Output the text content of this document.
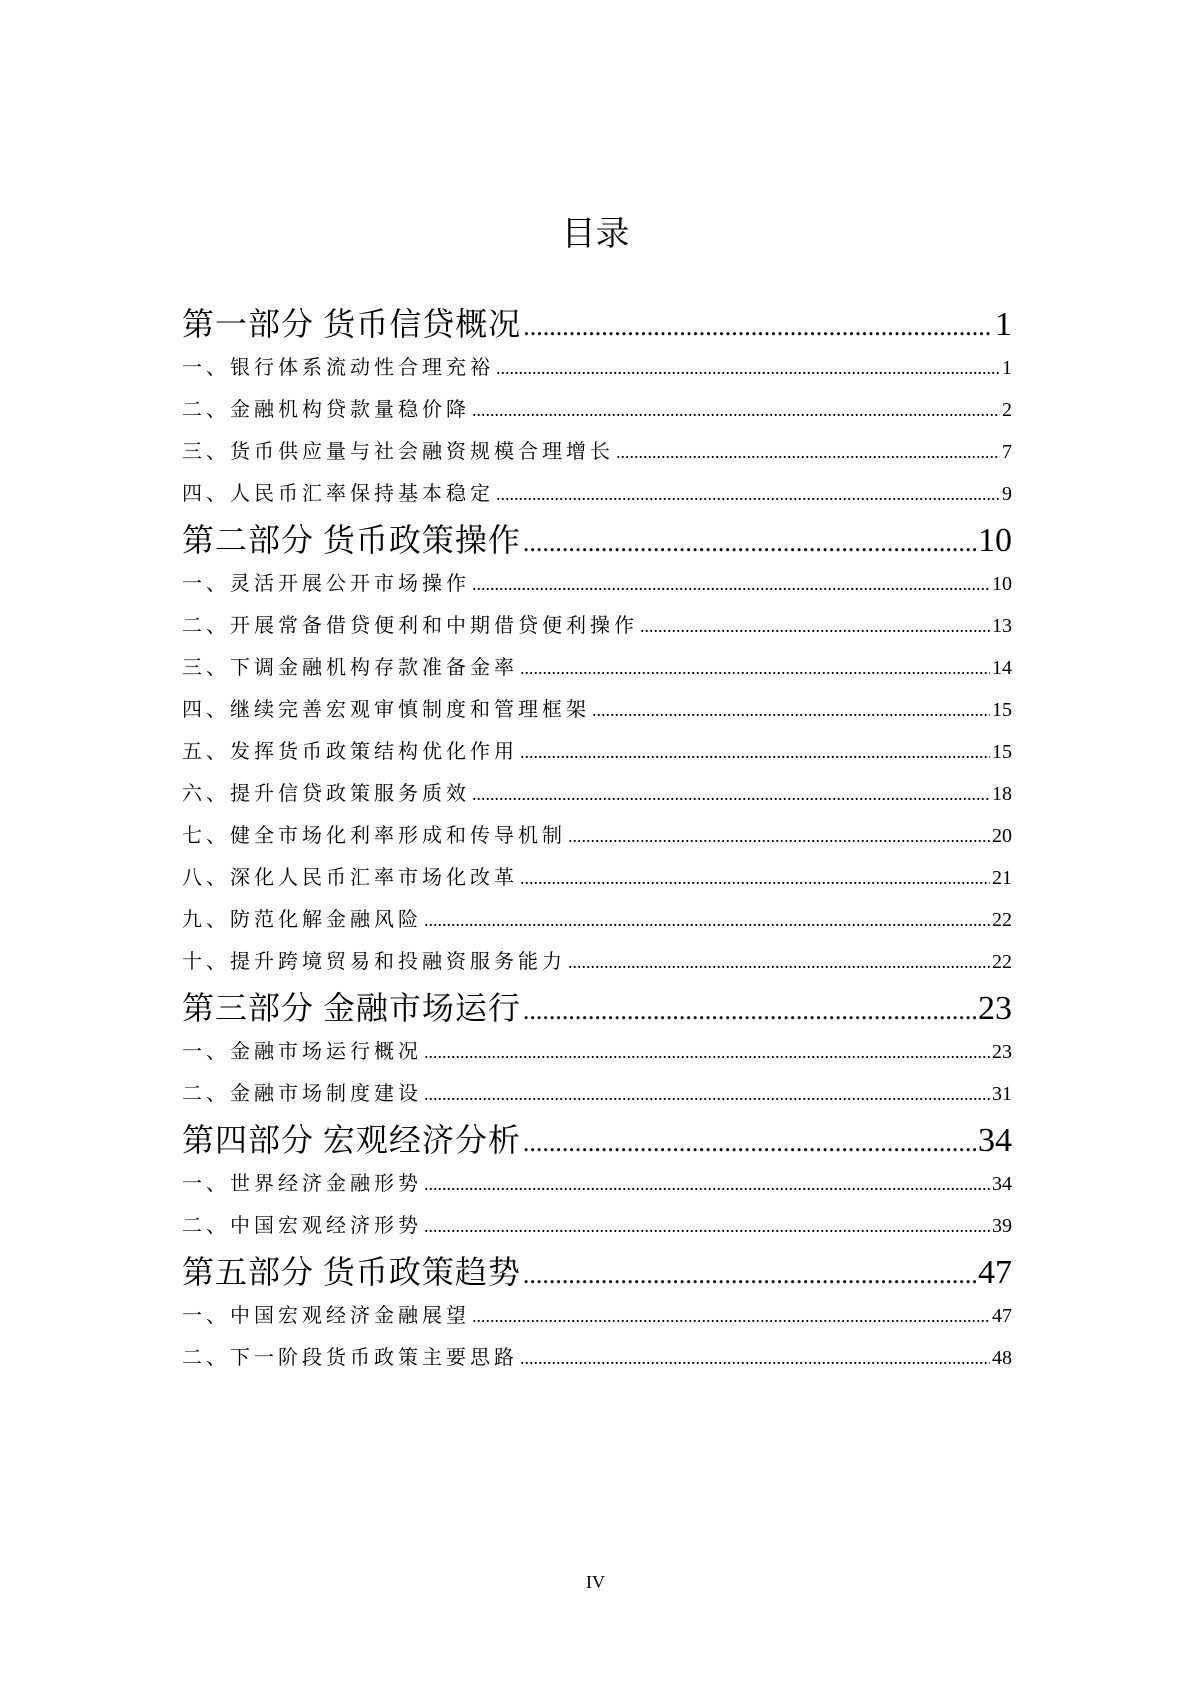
目录
第一部分 货币信贷概况 .....	1
一、银行体系流动性合理充裕 .....	1
二、金融机构贷款量稳价降 .....	2
三、货币供应量与社会融资规模合理增长 .....	7
四、人民币汇率保持基本稳定 .....	9
第二部分 货币政策操作 .....	10
一、灵活开展公开市场操作 .....	10
二、开展常备借贷便利和中期借贷便利操作 .....	13
三、下调金融机构存款准备金率 .....	14
四、继续完善宏观审慎制度和管理框架 .....	15
五、发挥货币政策结构优化作用 .....	15
六、提升信贷政策服务质效 .....	18
七、健全市场化利率形成和传导机制 .....	20
八、深化人民币汇率市场化改革 .....	21
九、防范化解金融风险 .....	22
十、提升跨境贸易和投融资服务能力 .....	22
第三部分 金融市场运行 .....	23
一、金融市场运行概况 .....	23
二、金融市场制度建设 .....	31
第四部分 宏观经济分析 .....	34
一、世界经济金融形势 .....	34
二、中国宏观经济形势 .....	39
第五部分 货币政策趋势 .....	47
一、中国宏观经济金融展望 .....	47
二、下一阶段货币政策主要思路 .....	48
IV
